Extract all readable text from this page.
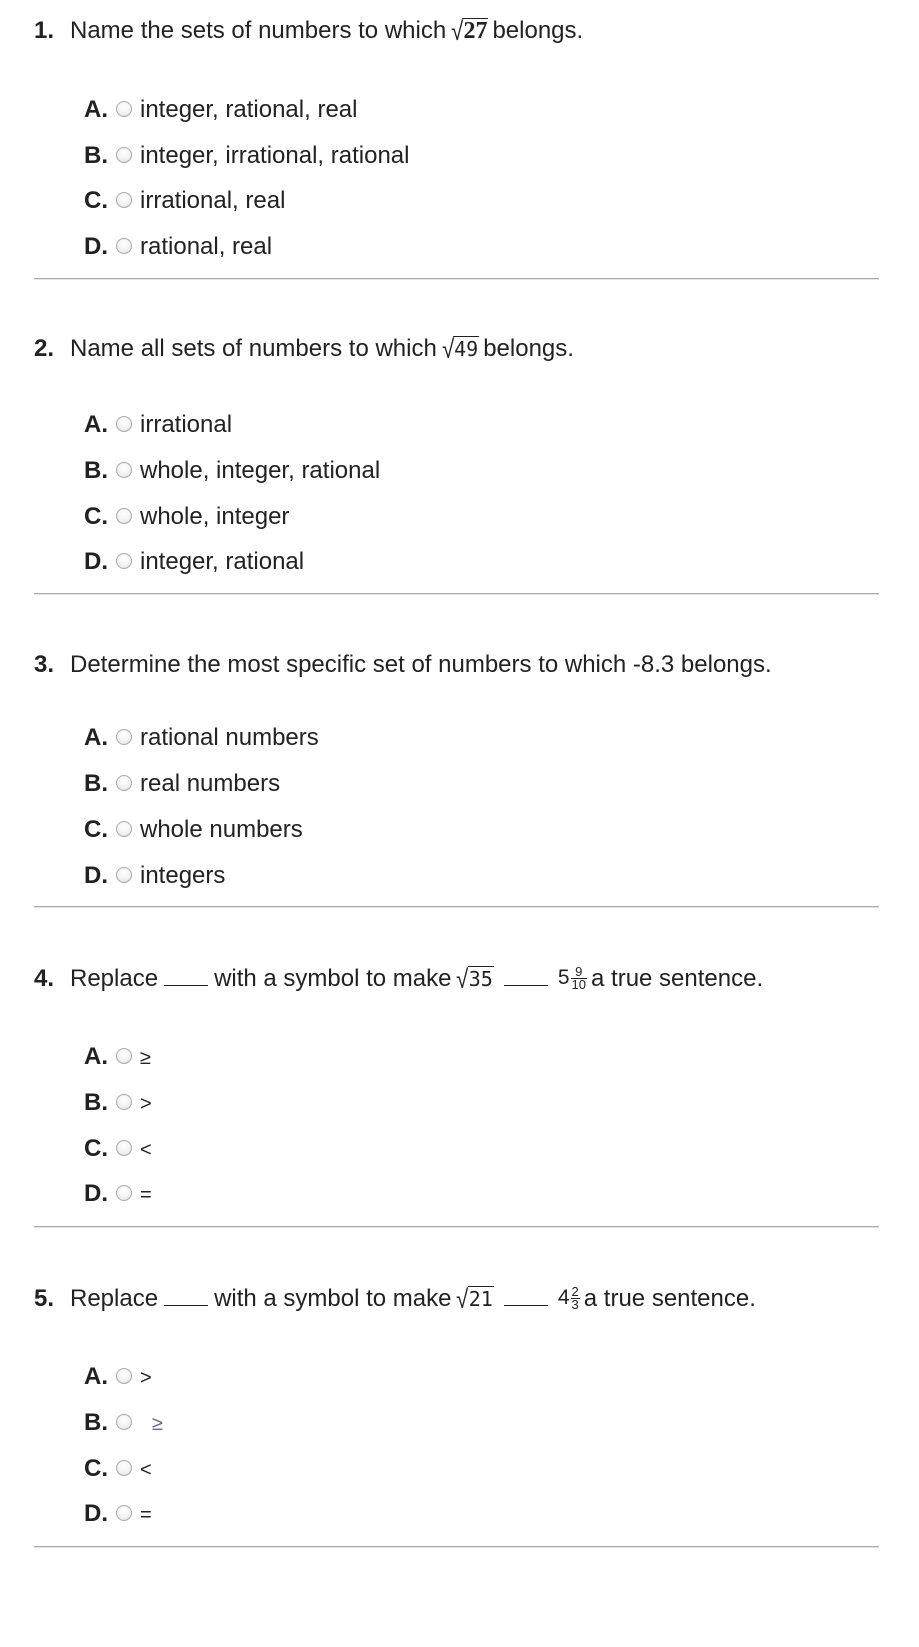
1. Name the sets of numbers to which √27 belongs.
A. integer, rational, real
B. integer, irrational, rational
C. irrational, real
D. rational, real
2. Name all sets of numbers to which √49 belongs.
A. irrational
B. whole, integer, rational
C. whole, integer
D. integer, rational
3. Determine the most specific set of numbers to which -8.3 belongs.
A. rational numbers
B. real numbers
C. whole numbers
D. integers
4. Replace with a symbol to make √35	$5 \frac{9}{10}$ a true sentence.
A. ≥
B. >
C. <
D. =
5. Replace with a symbol to make √21	$4 \frac{2}{3}$ a true sentence.
A. >
B. ≥
C. <
D. =
